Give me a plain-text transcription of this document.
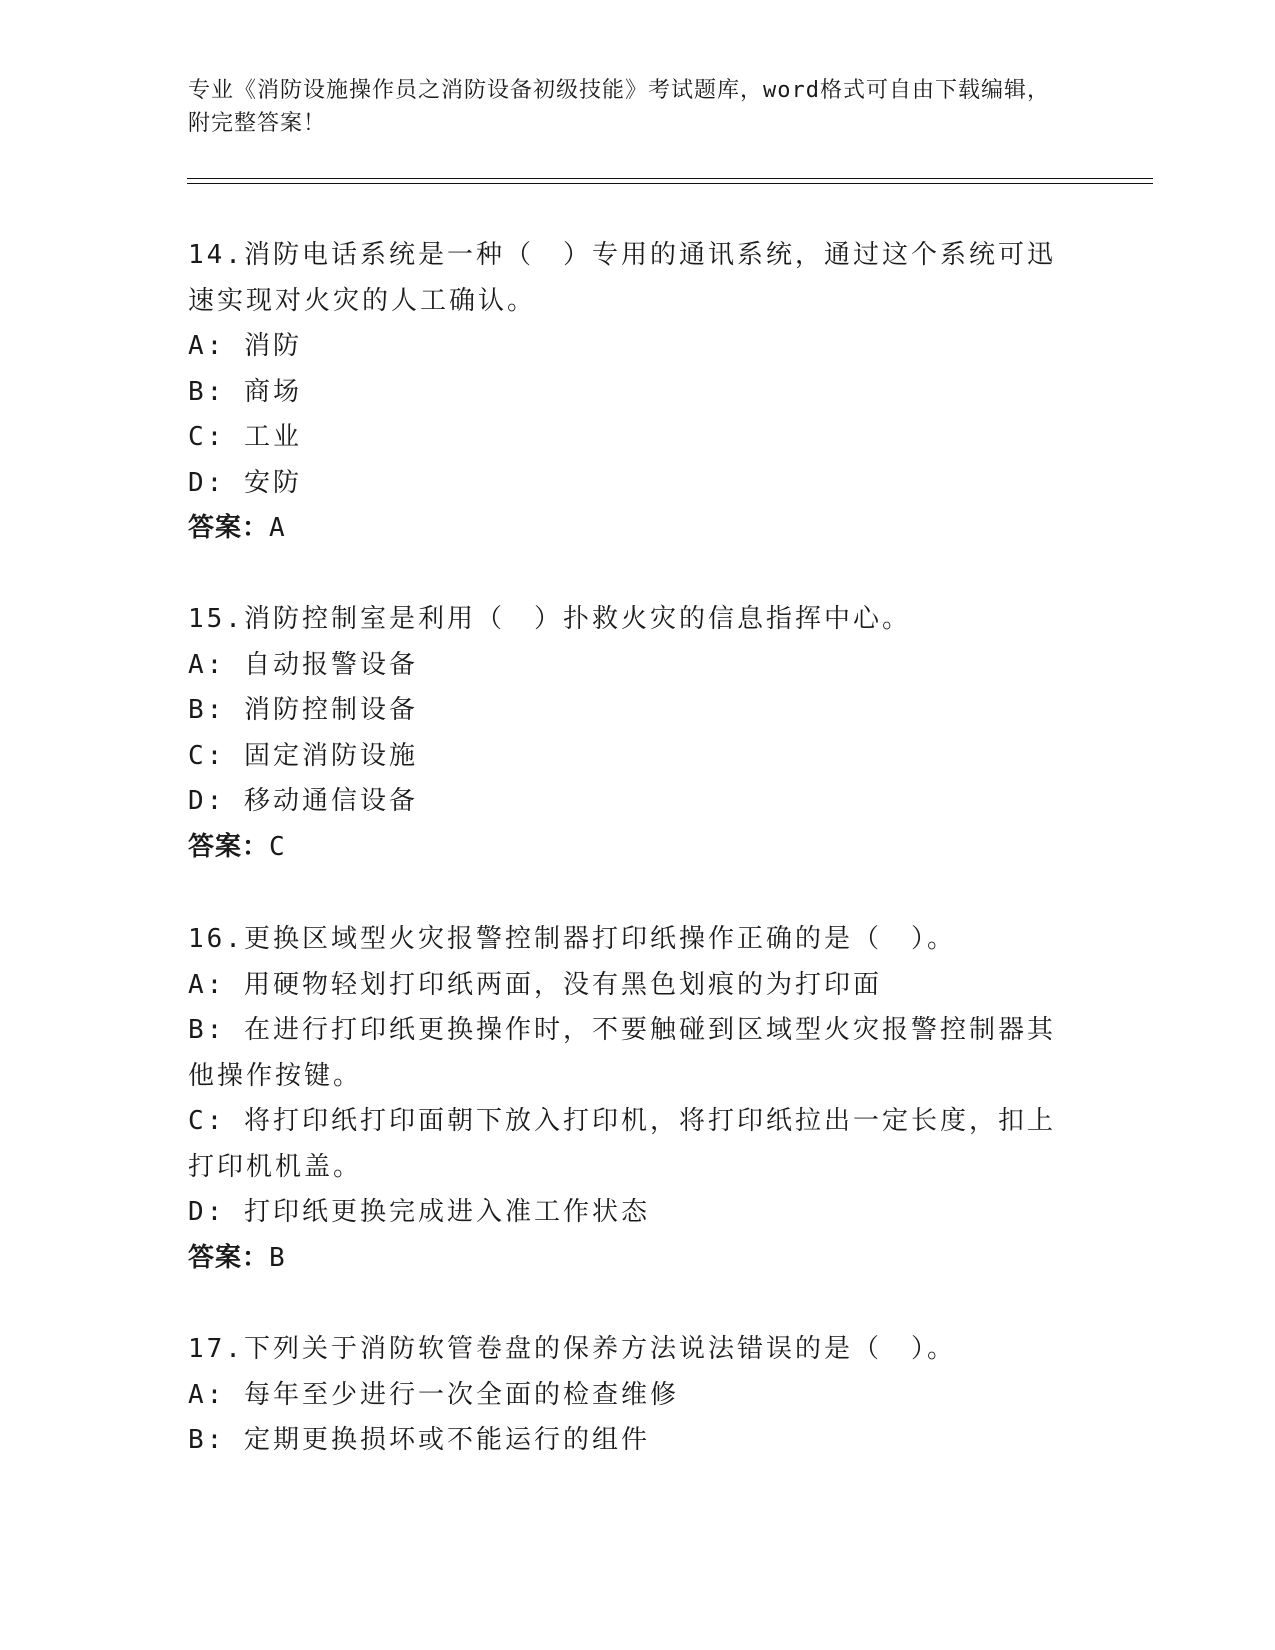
专业《消防设施操作员之消防设备初级技能》考试题库，word格式可自由下载编辑，附完整答案！
14.消防电话系统是一种（　）专用的通讯系统，通过这个系统可迅速实现对火灾的人工确认。
A: 消防
B: 商场
C: 工业
D: 安防
答案：A
15.消防控制室是利用（　）扑救火灾的信息指挥中心。
A: 自动报警设备
B: 消防控制设备
C: 固定消防设施
D: 移动通信设备
答案：C
16.更换区域型火灾报警控制器打印纸操作正确的是（　）。
A: 用硬物轻划打印纸两面，没有黑色划痕的为打印面
B: 在进行打印纸更换操作时，不要触碰到区域型火灾报警控制器其他操作按键。
C: 将打印纸打印面朝下放入打印机，将打印纸拉出一定长度，扣上打印机机盖。
D: 打印纸更换完成进入准工作状态
答案：B
17.下列关于消防软管卷盘的保养方法说法错误的是（　）。
A: 每年至少进行一次全面的检查维修
B: 定期更换损坏或不能运行的组件
